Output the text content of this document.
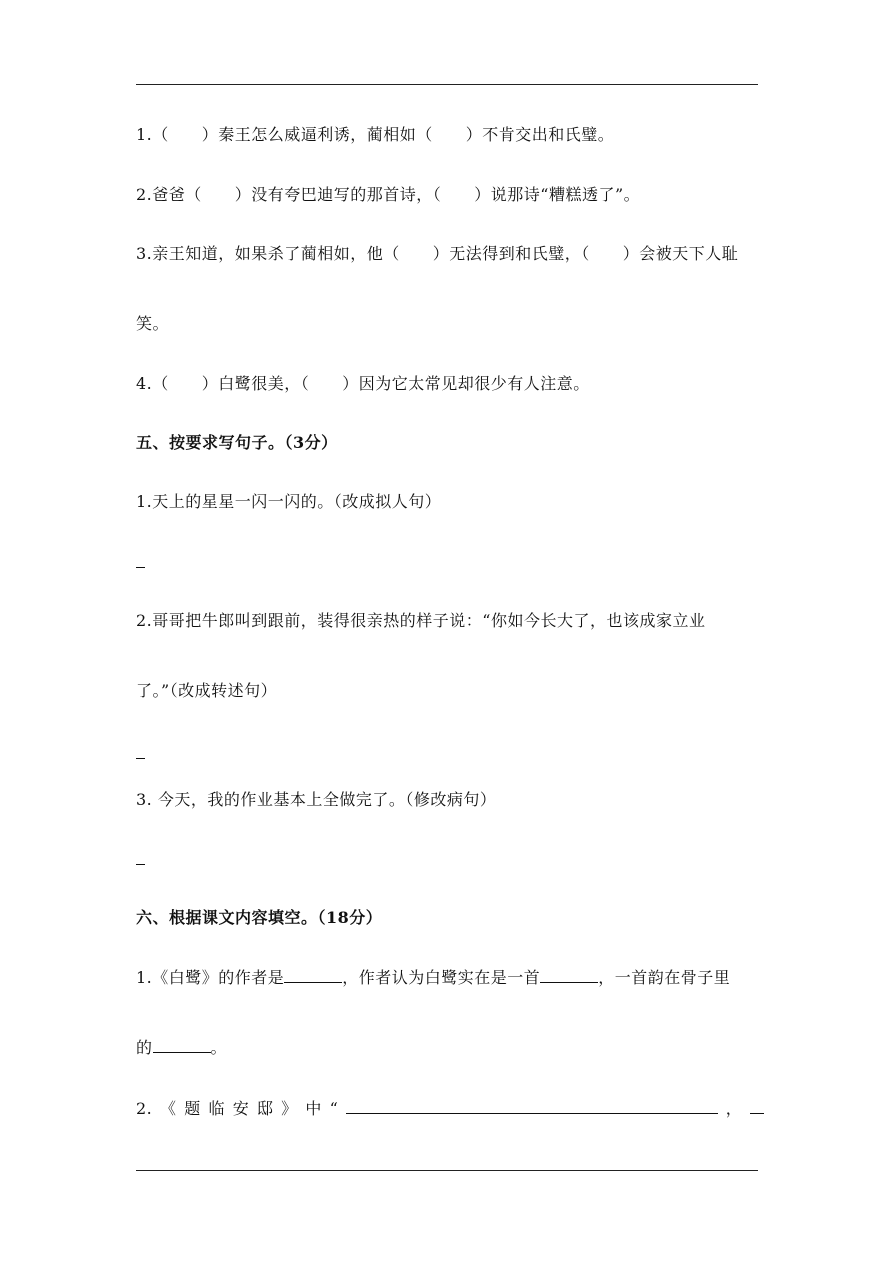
1.（　　）秦王怎么威逼利诱，蔺相如（　　）不肯交出和氏璧。
2.爸爸（　　）没有夸巴迪写的那首诗，（　　）说那诗“糟糕透了”。
3.亲王知道，如果杀了蔺相如，他（　　）无法得到和氏璧，（　　）会被天下人耻
笑。
4.（　　）白鹭很美，（　　）因为它太常见却很少有人注意。
五、按要求写句子。（3分）
1.天上的星星一闪一闪的。（改成拟人句）
2.哥哥把牛郎叫到跟前，装得很亲热的样子说：“你如今长大了，也该成家立业
了。”（改成转述句）
3. 今天，我的作业基本上全做完了。（修改病句）
六、根据课文内容填空。（18分）
1.《白鹭》的作者是	，作者认为白鹭实在是一首	，一首韵在骨子里
的	。
2. 《 题 临 安 邸 》 中 “	，
